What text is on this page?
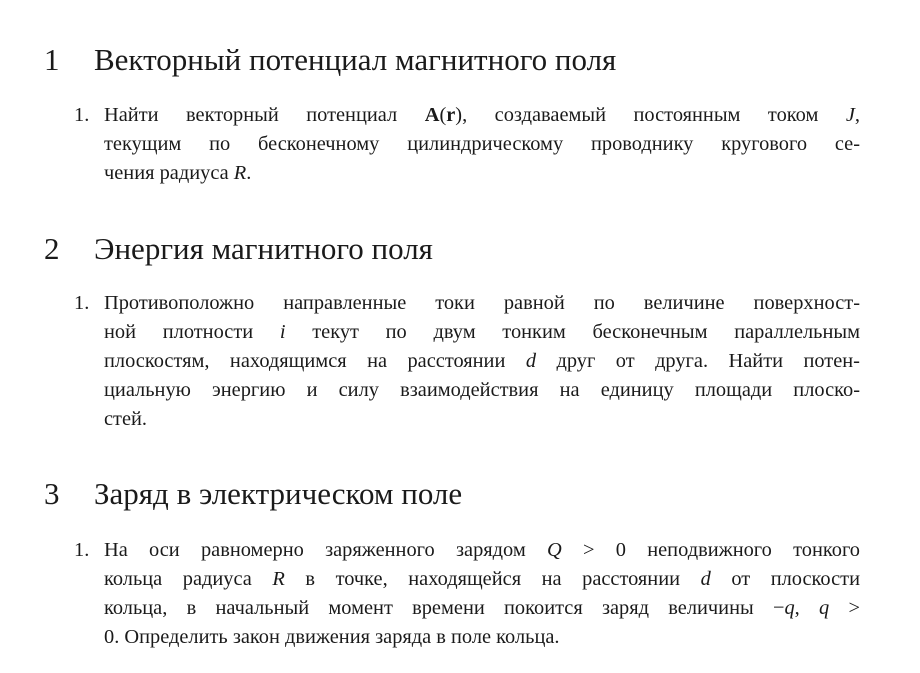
1 Векторный потенциал магнитного поля
1. Найти векторный потенциал A(r), создаваемый постоянным током J,
текущим по бесконечному цилиндрическому проводнику кругового се-
чения радиуса R.
2 Энергия магнитного поля
1. Противоположно направленные токи равной по величине поверхност-
ной плотности i текут по двум тонким бесконечным параллельным
плоскостям, находящимся на расстоянии d друг от друга. Найти потен-
циальную энергию и силу взаимодействия на единицу площади плоско-
стей.
3 Заряд в электрическом поле
1. На оси равномерно заряженного зарядом Q > 0 неподвижного тонкого
кольца радиуса R в точке, находящейся на расстоянии d от плоскости
кольца, в начальный момент времени покоится заряд величины −q, q >
0. Определить закон движения заряда в поле кольца.
